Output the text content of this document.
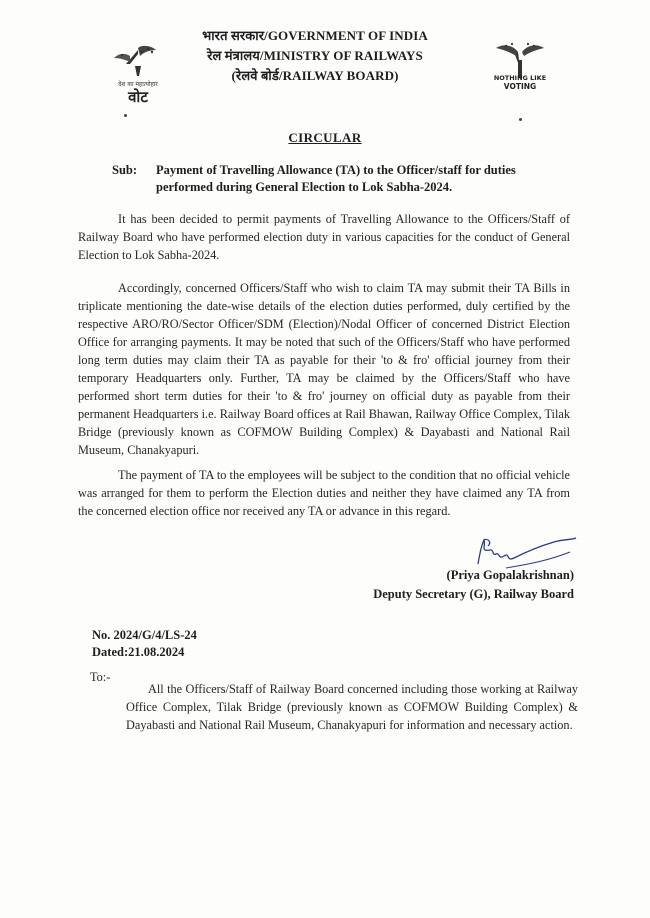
देश का महात्योहार
वोट
भारत सरकार/GOVERNMENT OF INDIA
रेल मंत्रालय/MINISTRY OF RAILWAYS
(रेलवे बोर्ड/RAILWAY BOARD)	NOTHING LIKE
VOTING
CIRCULAR
Sub: Payment of Travelling Allowance (TA) to the Officer/staff for duties performed during General Election to Lok Sabha-2024.

It has been decided to permit payments of Travelling Allowance to the Officers/Staff of Railway Board who have performed election duty in various capacities for the conduct of General Election to Lok Sabha-2024.

Accordingly, concerned Officers/Staff who wish to claim TA may submit their TA Bills in triplicate mentioning the date-wise details of the election duties performed, duly certified by the respective ARO/RO/Sector Officer/SDM (Election)/Nodal Officer of concerned District Election Office for arranging payments. It may be noted that such of the Officers/Staff who have performed long term duties may claim their TA as payable for their 'to & fro' official journey from their temporary Headquarters only. Further, TA may be claimed by the Officers/Staff who have performed short term duties for their 'to & fro' journey on official duty as payable from their permanent Headquarters i.e. Railway Board offices at Rail Bhawan, Railway Office Complex, Tilak Bridge (previously known as COFMOW Building Complex) & Dayabasti and National Rail Museum, Chanakyapuri.

The payment of TA to the employees will be subject to the condition that no official vehicle was arranged for them to perform the Election duties and neither they have claimed any TA from the concerned election office nor received any TA or advance in this regard.

(Priya Gopalakrishnan)
Deputy Secretary (G), Railway Board
No. 2024/G/4/LS-24
Dated:21.08.2024
To:-

All the Officers/Staff of Railway Board concerned including those working at Railway Office Complex, Tilak Bridge (previously known as COFMOW Building Complex) & Dayabasti and National Rail Museum, Chanakyapuri for information and necessary action.
